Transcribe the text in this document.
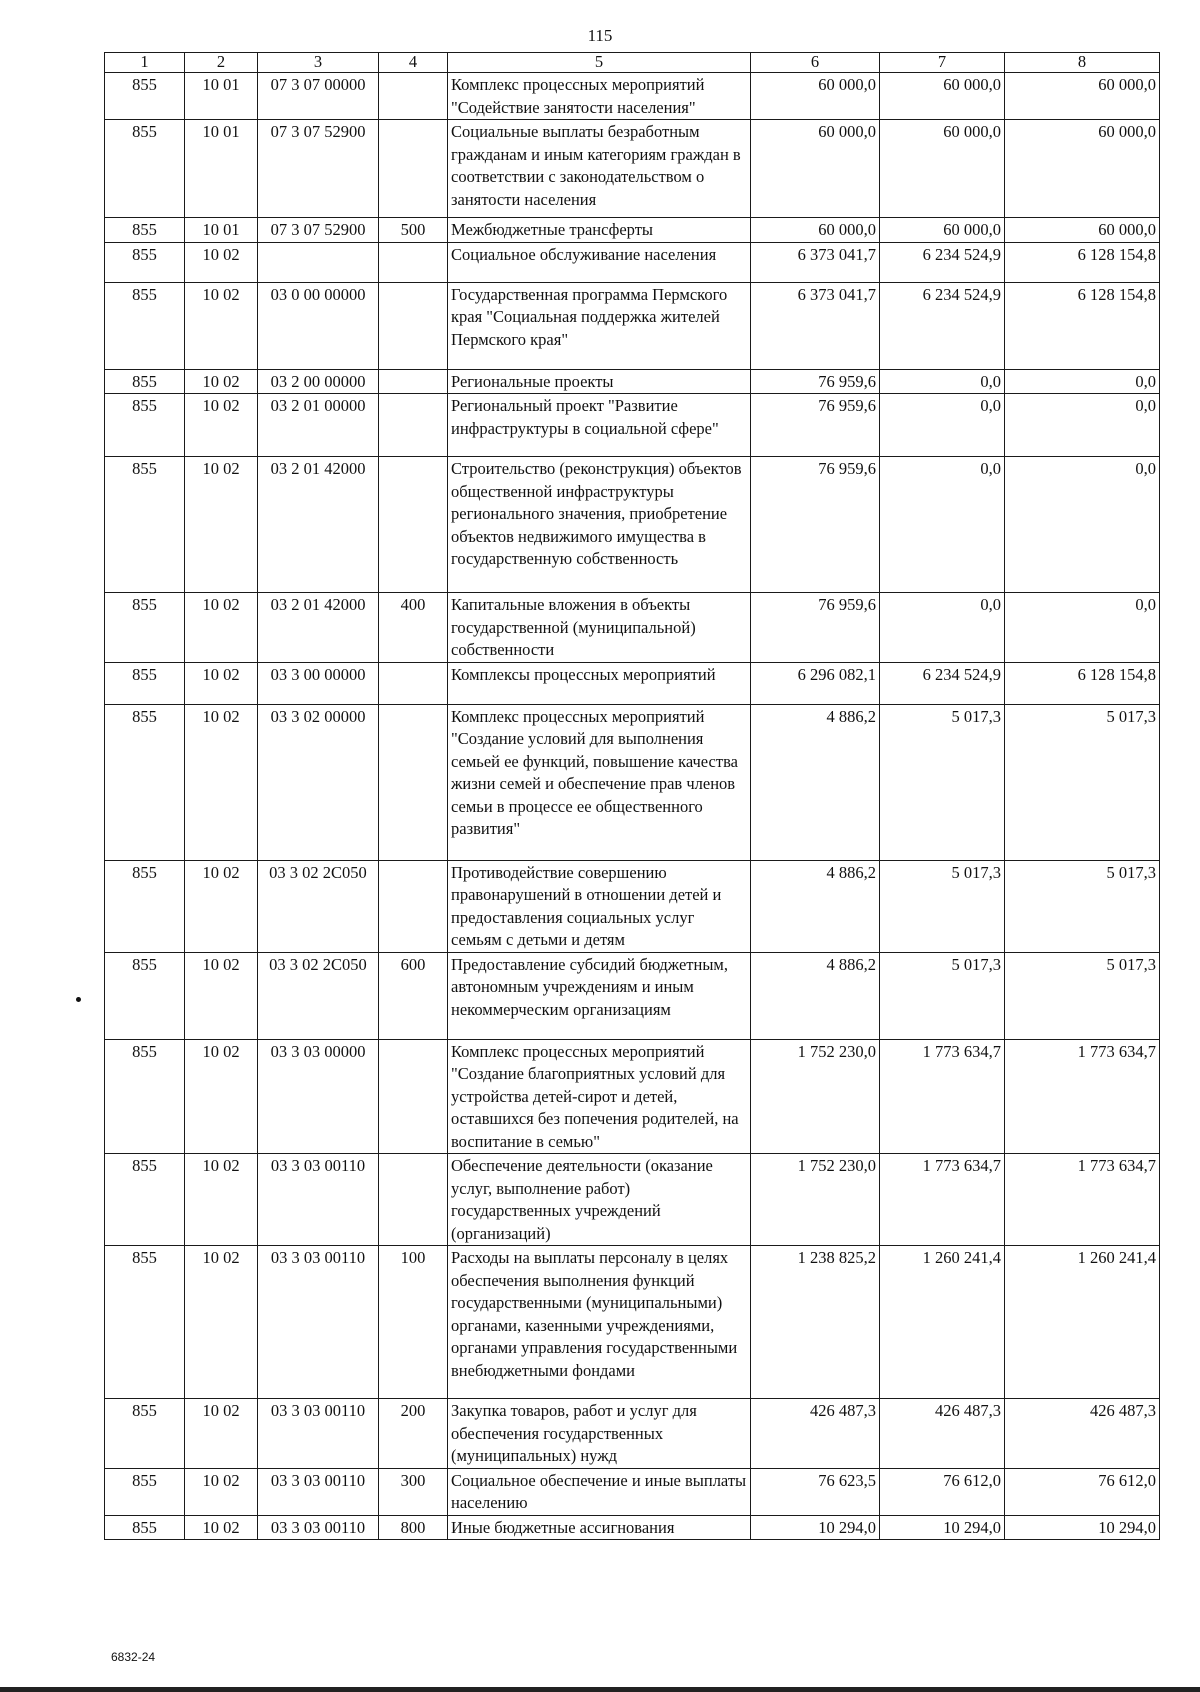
115
1	2	3	4	5	6	7	8
855	10 01	07 3 07 00000		Комплекс процессных мероприятий "Содействие занятости населения"	60 000,0	60 000,0	60 000,0
855	10 01	07 3 07 52900		Социальные выплаты безработным гражданам и иным категориям граждан в соответствии с законодательством о занятости населения	60 000,0	60 000,0	60 000,0
855	10 01	07 3 07 52900	500	Межбюджетные трансферты	60 000,0	60 000,0	60 000,0
855	10 02			Социальное обслуживание населения	6 373 041,7	6 234 524,9	6 128 154,8
855	10 02	03 0 00 00000		Государственная программа Пермского края "Социальная поддержка жителей Пермского края"	6 373 041,7	6 234 524,9	6 128 154,8
855	10 02	03 2 00 00000		Региональные проекты	76 959,6	0,0	0,0
855	10 02	03 2 01 00000		Региональный проект "Развитие инфраструктуры в социальной сфере"	76 959,6	0,0	0,0
855	10 02	03 2 01 42000		Строительство (реконструкция) объектов общественной инфраструктуры регионального значения, приобретение объектов недвижимого имущества в государственную собственность	76 959,6	0,0	0,0
855	10 02	03 2 01 42000	400	Капитальные вложения в объекты государственной (муниципальной) собственности	76 959,6	0,0	0,0
855	10 02	03 3 00 00000		Комплексы процессных мероприятий	6 296 082,1	6 234 524,9	6 128 154,8
855	10 02	03 3 02 00000		Комплекс процессных мероприятий "Создание условий для выполнения семьей ее функций, повышение качества жизни семей и обеспечение прав членов семьи в процессе ее общественного развития"	4 886,2	5 017,3	5 017,3
855	10 02	03 3 02 2С050		Противодействие совершению правонарушений в отношении детей и предоставления социальных услуг семьям с детьми и детям	4 886,2	5 017,3	5 017,3
855	10 02	03 3 02 2С050	600	Предоставление субсидий бюджетным, автономным учреждениям и иным некоммерческим организациям	4 886,2	5 017,3	5 017,3
855	10 02	03 3 03 00000		Комплекс процессных мероприятий "Создание благоприятных условий для устройства детей-сирот и детей, оставшихся без попечения родителей, на воспитание в семью"	1 752 230,0	1 773 634,7	1 773 634,7
855	10 02	03 3 03 00110		Обеспечение деятельности (оказание услуг, выполнение работ) государственных учреждений (организаций)	1 752 230,0	1 773 634,7	1 773 634,7
855	10 02	03 3 03 00110	100	Расходы на выплаты персоналу в целях обеспечения выполнения функций государственными (муниципальными) органами, казенными учреждениями, органами управления государственными внебюджетными фондами	1 238 825,2	1 260 241,4	1 260 241,4
855	10 02	03 3 03 00110	200	Закупка товаров, работ и услуг для обеспечения государственных (муниципальных) нужд	426 487,3	426 487,3	426 487,3
855	10 02	03 3 03 00110	300	Социальное обеспечение и иные выплаты населению	76 623,5	76 612,0	76 612,0
855	10 02	03 3 03 00110	800	Иные бюджетные ассигнования	10 294,0	10 294,0	10 294,0
6832-24
